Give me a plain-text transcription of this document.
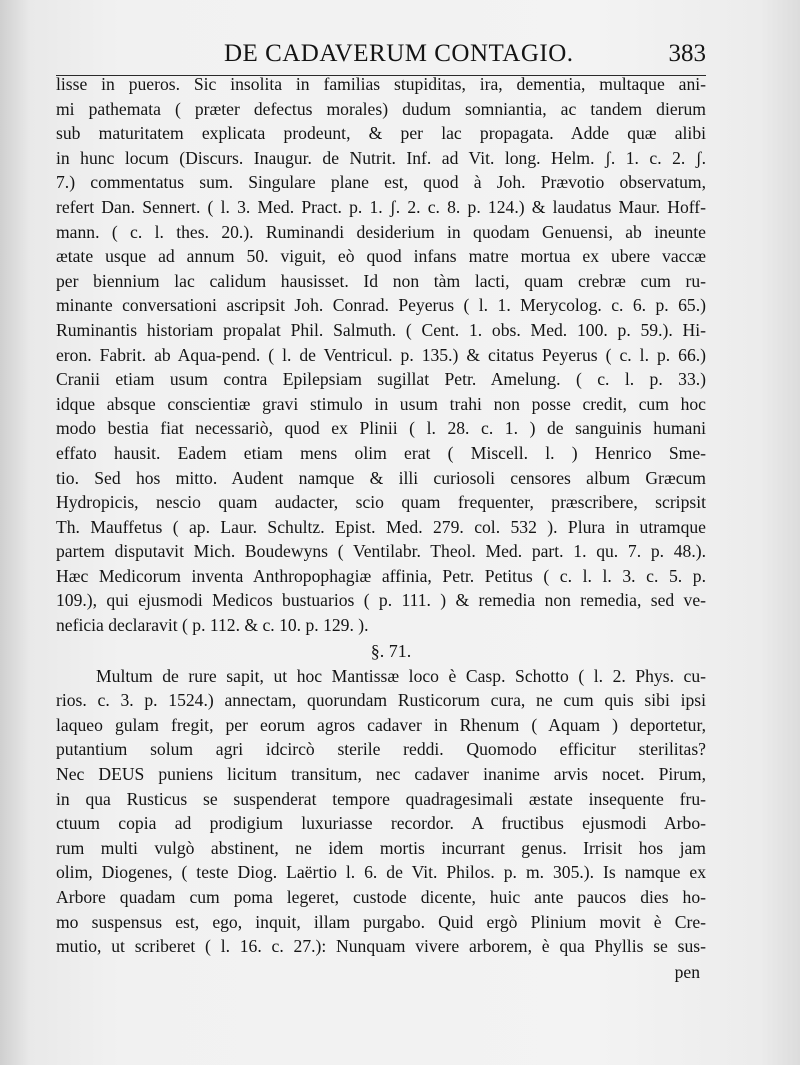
DE CADAVERUM CONTAGIO.	383
lisse in pueros. Sic insolita in familias stupiditas, ira, dementia, multaque ani-
mi pathemata ( præter defectus morales) dudum somniantia, ac tandem dierum
sub maturitatem explicata prodeunt, & per lac propagata. Adde quæ alibi
in hunc locum (Discurs. Inaugur. de Nutrit. Inf. ad Vit. long. Helm. ʃ. 1. c. 2. ʃ.
7.) commentatus sum. Singulare plane est, quod à Joh. Prævotio observatum,
refert Dan. Sennert. ( l. 3. Med. Pract. p. 1. ʃ. 2. c. 8. p. 124.) & laudatus Maur. Hoff-
mann. ( c. l. thes. 20.). Ruminandi desiderium in quodam Genuensi, ab ineunte
ætate usque ad annum 50. viguit, eò quod infans matre mortua ex ubere vaccæ
per biennium lac calidum hausisset. Id non tàm lacti, quam crebræ cum ru-
minante conversationi ascripsit Joh. Conrad. Peyerus ( l. 1. Merycolog. c. 6. p. 65.)
Ruminantis historiam propalat Phil. Salmuth. ( Cent. 1. obs. Med. 100. p. 59.). Hi-
eron. Fabrit. ab Aqua-pend. ( l. de Ventricul. p. 135.) & citatus Peyerus ( c. l. p. 66.)
Cranii etiam usum contra Epilepsiam sugillat Petr. Amelung. ( c. l. p. 33.)
idque absque conscientiæ gravi stimulo in usum trahi non posse credit, cum hoc
modo bestia fiat necessariò, quod ex Plinii ( l. 28. c. 1. ) de sanguinis humani
effato hausit. Eadem etiam mens olim erat ( Miscell. l. ) Henrico Sme-
tio. Sed hos mitto. Audent namque & illi curiosoli censores album Græcum
Hydropicis, nescio quam audacter, scio quam frequenter, præscribere, scripsit
Th. Mauffetus ( ap. Laur. Schultz. Epist. Med. 279. col. 532 ). Plura in utramque
partem disputavit Mich. Boudewyns ( Ventilabr. Theol. Med. part. 1. qu. 7. p. 48.).
Hæc Medicorum inventa Anthropophagiæ affinia, Petr. Petitus ( c. l. l. 3. c. 5. p.
109.), qui ejusmodi Medicos bustuarios ( p. 111. ) & remedia non remedia, sed ve-
neficia declaravit ( p. 112. & c. 10. p. 129. ).
§. 71.
Multum de rure sapit, ut hoc Mantissæ loco è Casp. Schotto ( l. 2. Phys. cu-
rios. c. 3. p. 1524.) annectam, quorundam Rusticorum cura, ne cum quis sibi ipsi
laqueo gulam fregit, per eorum agros cadaver in Rhenum ( Aquam ) deportetur,
putantium solum agri idcircò sterile reddi. Quomodo efficitur sterilitas?
Nec DEUS puniens licitum transitum, nec cadaver inanime arvis nocet. Pirum,
in qua Rusticus se suspenderat tempore quadragesimali æstate insequente fru-
ctuum copia ad prodigium luxuriasse recordor. A fructibus ejusmodi Arbo-
rum multi vulgò abstinent, ne idem mortis incurrant genus. Irrisit hos jam
olim, Diogenes, ( teste Diog. Laërtio l. 6. de Vit. Philos. p. m. 305.). Is namque ex
Arbore quadam cum poma legeret, custode dicente, huic ante paucos dies ho-
mo suspensus est, ego, inquit, illam purgabo. Quid ergò Plinium movit è Cre-
mutio, ut scriberet ( l. 16. c. 27.): Nunquam vivere arborem, è qua Phyllis se sus-
pen
